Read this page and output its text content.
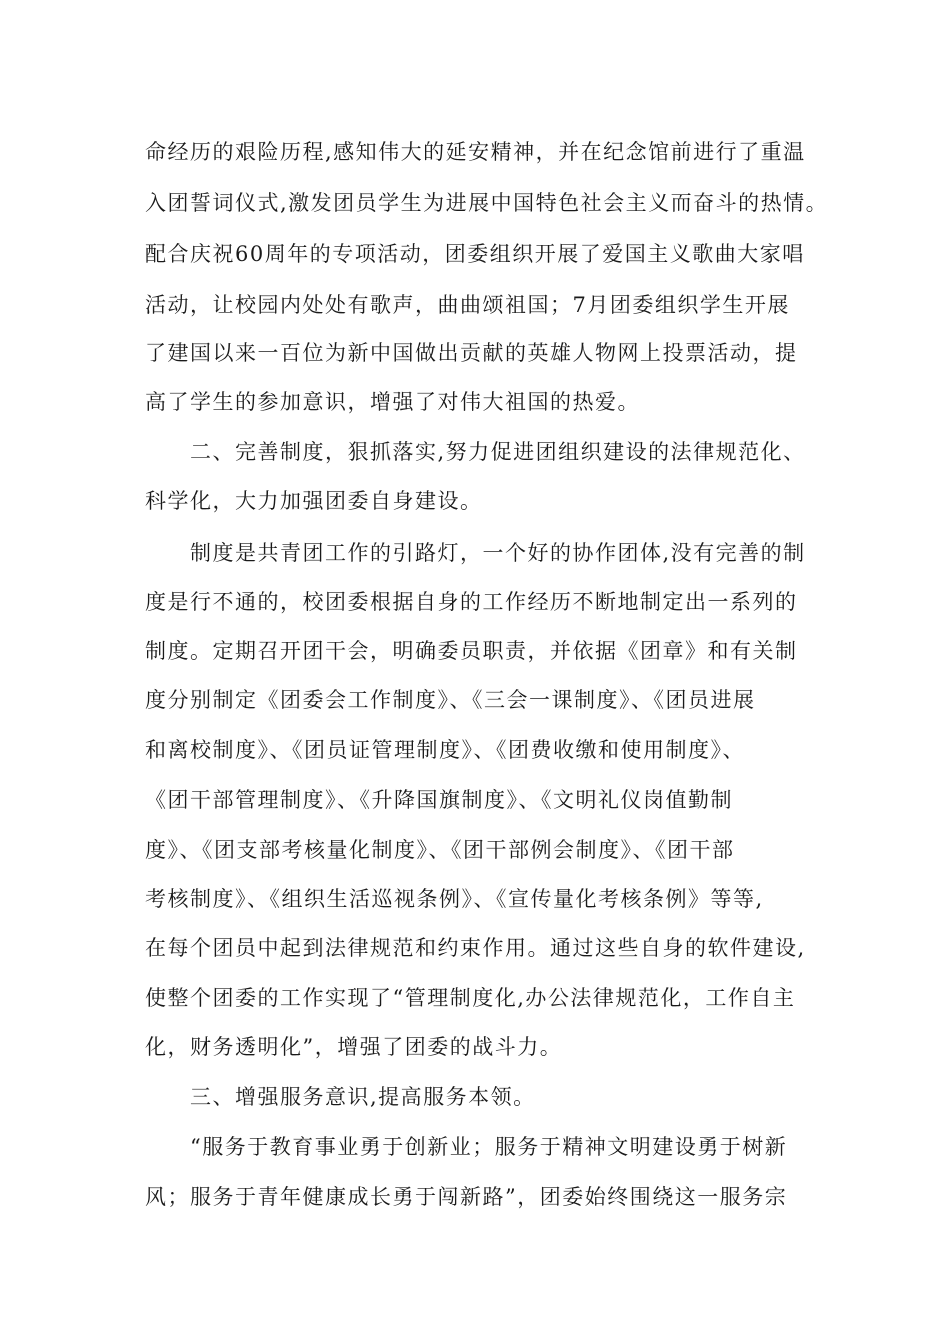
命经历的艰险历程,感知伟大的延安精神，并在纪念馆前进行了重温
入团誓词仪式,激发团员学生为进展中国特色社会主义而奋斗的热情。
配合庆祝60周年的专项活动，团委组织开展了爱国主义歌曲大家唱
活动，让校园内处处有歌声，曲曲颂祖国；7月团委组织学生开展
了建国以来一百位为新中国做出贡献的英雄人物网上投票活动，提
高了学生的参加意识，增强了对伟大祖国的热爱。
二、完善制度，狠抓落实,努力促进团组织建设的法律规范化、
科学化，大力加强团委自身建设。
制度是共青团工作的引路灯，一个好的协作团体,没有完善的制
度是行不通的，校团委根据自身的工作经历不断地制定出一系列的
制度。定期召开团干会，明确委员职责，并依据《团章》和有关制
度分别制定《团委会工作制度》、《三会一课制度》、《团员进展
和离校制度》、《团员证管理制度》、《团费收缴和使用制度》、
《团干部管理制度》、《升降国旗制度》、《文明礼仪岗值勤制
度》、《团支部考核量化制度》、《团干部例会制度》、《团干部
考核制度》、《组织生活巡视条例》、《宣传量化考核条例》等等,
在每个团员中起到法律规范和约束作用。通过这些自身的软件建设,
使整个团委的工作实现了“管理制度化,办公法律规范化，工作自主
化，财务透明化”，增强了团委的战斗力。
三、增强服务意识,提高服务本领。
“服务于教育事业勇于创新业；服务于精神文明建设勇于树新
风；服务于青年健康成长勇于闯新路”，团委始终围绕这一服务宗
